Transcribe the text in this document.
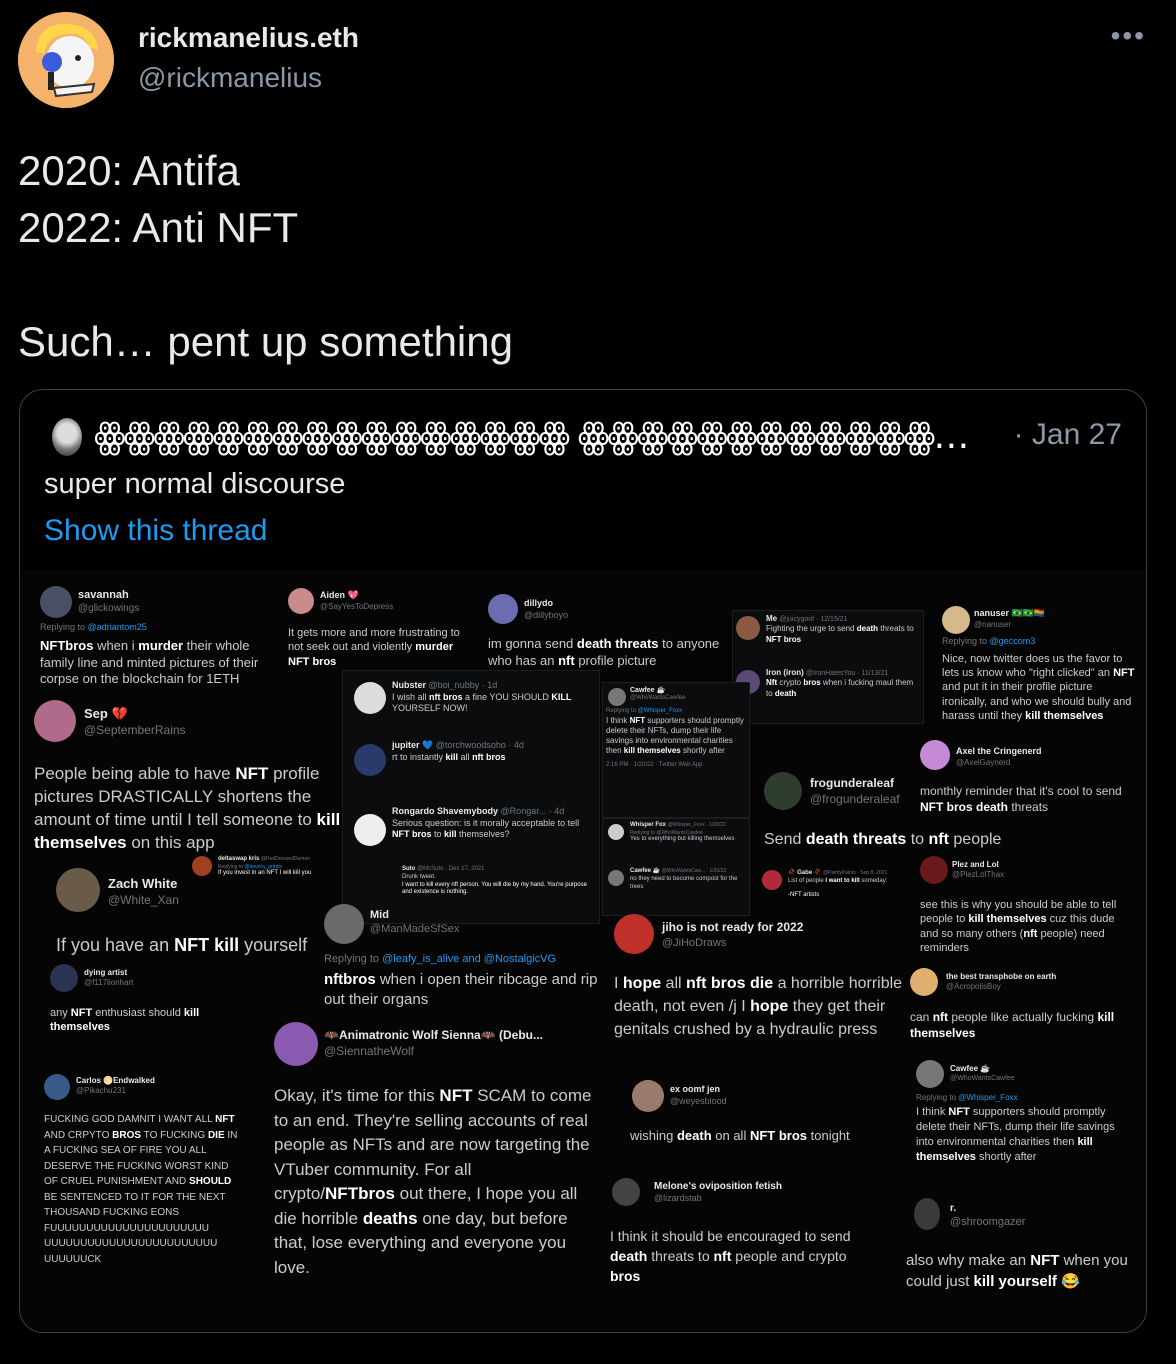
rickmanelius.eth
@rickmanelius
•••
2020: Antifa
2022: Anti NFT
Such… pent up something
ꙮꙮꙮꙮꙮꙮꙮꙮꙮꙮꙮꙮꙮꙮꙮꙮ ꙮꙮꙮꙮꙮꙮꙮꙮꙮꙮꙮꙮ… · Jan 27
super normal discourse
Show this thread
savannah
@glickowings
Replying to @adriantom25
NFTbros when i murder their whole family line and minted pictures of their corpse on the blockchain for 1ETH
Aiden 💖
@SayYesToDepress
It gets more and more frustrating to not seek out and violently murder NFT bros
dillydo
@dillyboyo
im gonna send death threats to anyone who has an nft profile picture
Me @juicygoof · 12/15/21
Fighting the urge to send death threats to NFT bros
Iron (iron) @IronHatesYou · 11/13/21
Nft crypto bros when i fucking maul them to death
nanuser 🇧🇷🇧🇷🏳️‍🌈
@nanuser
Replying to @geccom3
Nice, now twitter does us the favor to lets us know who "right clicked" an NFT and put it in their profile picture ironically, and who we should bully and harass until they kill themselves
Sep 💔
@SeptemberRains
People being able to have NFT profile pictures DRASTICALLY shortens the amount of time until I tell someone to kill themselves on this app
Nubster @boi_nubby · 1d
I wish all nft bros a fine YOU SHOULD KILL YOURSELF NOW!
jupiter 💙 @torchwoodsoho · 4d
rt to instantly kill all nft bros
Rongardo Shavemybody @Rongar... · 4d
Serious question: is it morally acceptable to tell NFT bros to kill themselves?
Suto @McSuto · Dec 17, 2021
Drunk tweet.
I want to kill every nft person. You will die by my hand. You're purpose and existence is nothing.
Cawfee ☕
@WhoWantsCawfee
Replying to @Whisper_Foxx
I think NFT supporters should promptly delete their NFTs, dump their life savings into environmental charities then kill themselves shortly after
2:16 PM · 1/20/22 · Twitter Web App
Whisper Fox @Whisper_Foxx · 1/20/22
Replying to @WhoWantsCawfee
Yes to everything but killing themselves
Cawfee ☕ @WhoWantsCaw... · 1/20/22
no they need to become compost for the trees
Axel the Cringenerd
@AxelGaynerd
monthly reminder that it's cool to send NFT bros death threats
frogunderaleaf
@frogunderaleaf
Send death threats to nft people
🥀 Gabe 🥀 @PaintyPaints · Sep 8, 2021
List of people I want to kill someday:
-NFT artists
Plez and Lol
@PlezLolThax
see this is why you should be able to tell people to kill themselves cuz this dude and so many others (nft people) need reminders
Zach White
@White_Xan
If you have an NFT kill yourself
deltaswap kris @RedDressedDemon
Replying to @bouncy_prince
If you invest in an NFT I will kill you
Mid
@ManMadeSfSex
Replying to @leafy_is_alive and @NostalgicVG
nftbros when i open their ribcage and rip out their organs
jiho is not ready for 2022
@JiHoDraws
I hope all nft bros die a horrible horrible death, not even /j I hope they get their genitals crushed by a hydraulic press
the best transphobe on earth
@AcropolisBoy
can nft people like actually fucking kill themselves
dying artist
@f117lionhart
any NFT enthusiast should kill themselves
🦇Animatronic Wolf Sienna🦇 (Debu...
@SiennatheWolf
Okay, it's time for this NFT SCAM to come to an end. They're selling accounts of real people as NFTs and are now targeting the VTuber community. For all crypto/NFTbros out there, I hope you all die horrible deaths one day, but before that, lose everything and everyone you love.
Carlos 🌕Endwalked
@Pikachu231
FUCKING GOD DAMNIT I WANT ALL NFT AND CRPYTO BROS TO FUCKING DIE IN A FUCKING SEA OF FIRE YOU ALL DESERVE THE FUCKING WORST KIND OF CRUEL PUNISHMENT AND SHOULD BE SENTENCED TO IT FOR THE NEXT THOUSAND FUCKING EONS FUUUUUUUUUUUUUUUUUUUUUU UUUUUUUUUUUUUUUUUUUUUUUU UUUUUUCK
ex oomf jen
@weyesblood
wishing death on all NFT bros tonight
Cawfee ☕
@WhoWantsCawfee
Replying to @Whisper_Foxx
I think NFT supporters should promptly delete their NFTs, dump their life savings into environmental charities then kill themselves shortly after
Melone's oviposition fetish
@lizardstab
I think it should be encouraged to send death threats to nft people and crypto bros
r.
@shroomgazer
also why make an NFT when you could just kill yourself 😂
